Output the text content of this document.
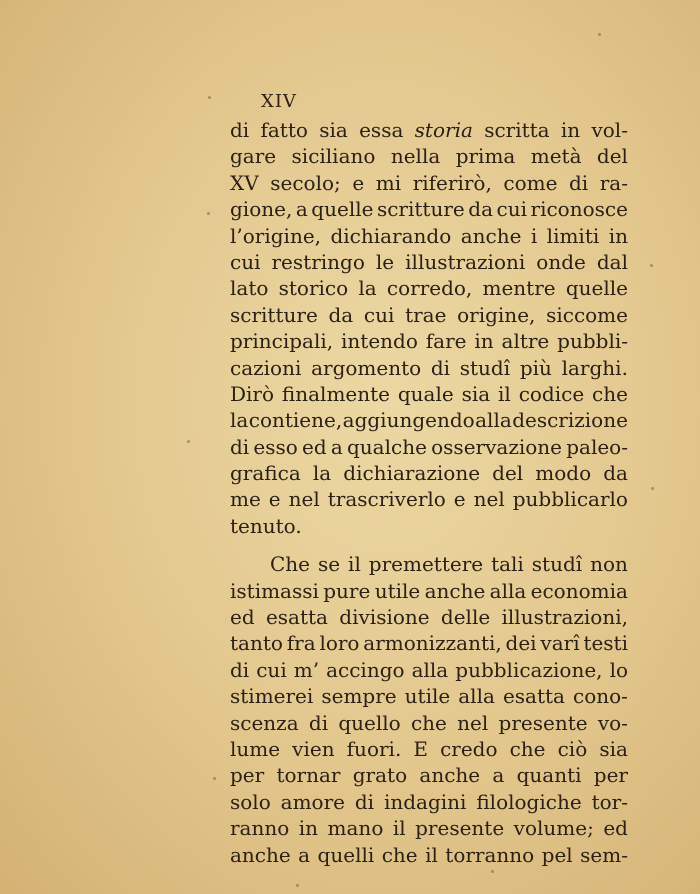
XIV
di fatto sia essa storia scritta in vol-
gare siciliano nella prima metà del
XV secolo; e mi riferirò, come di ra-
gione, a quelle scritture da cui riconosce
l’origine, dichiarando anche i limiti in
cui restringo le illustrazioni onde dal
lato storico la corredo, mentre quelle
scritture da cui trae origine, siccome
principali, intendo fare in altre pubbli-
cazioni argomento di studî più larghi.
Dirò finalmente quale sia il codice che
la contiene, aggiungendo alla descrizione
di esso ed a qualche osservazione paleo-
grafica la dichiarazione del modo da
me e nel trascriverlo e nel pubblicarlo
tenuto.
Che se il premettere tali studî non
istimassi pure utile anche alla economia
ed esatta divisione delle illustrazioni,
tanto fra loro armonizzanti, dei varî testi
di cui m’ accingo alla pubblicazione, lo
stimerei sempre utile alla esatta cono-
scenza di quello che nel presente vo-
lume vien fuori. E credo che ciò sia
per tornar grato anche a quanti per
solo amore di indagini filologiche tor-
ranno in mano il presente volume; ed
anche a quelli che il torranno pel sem-
